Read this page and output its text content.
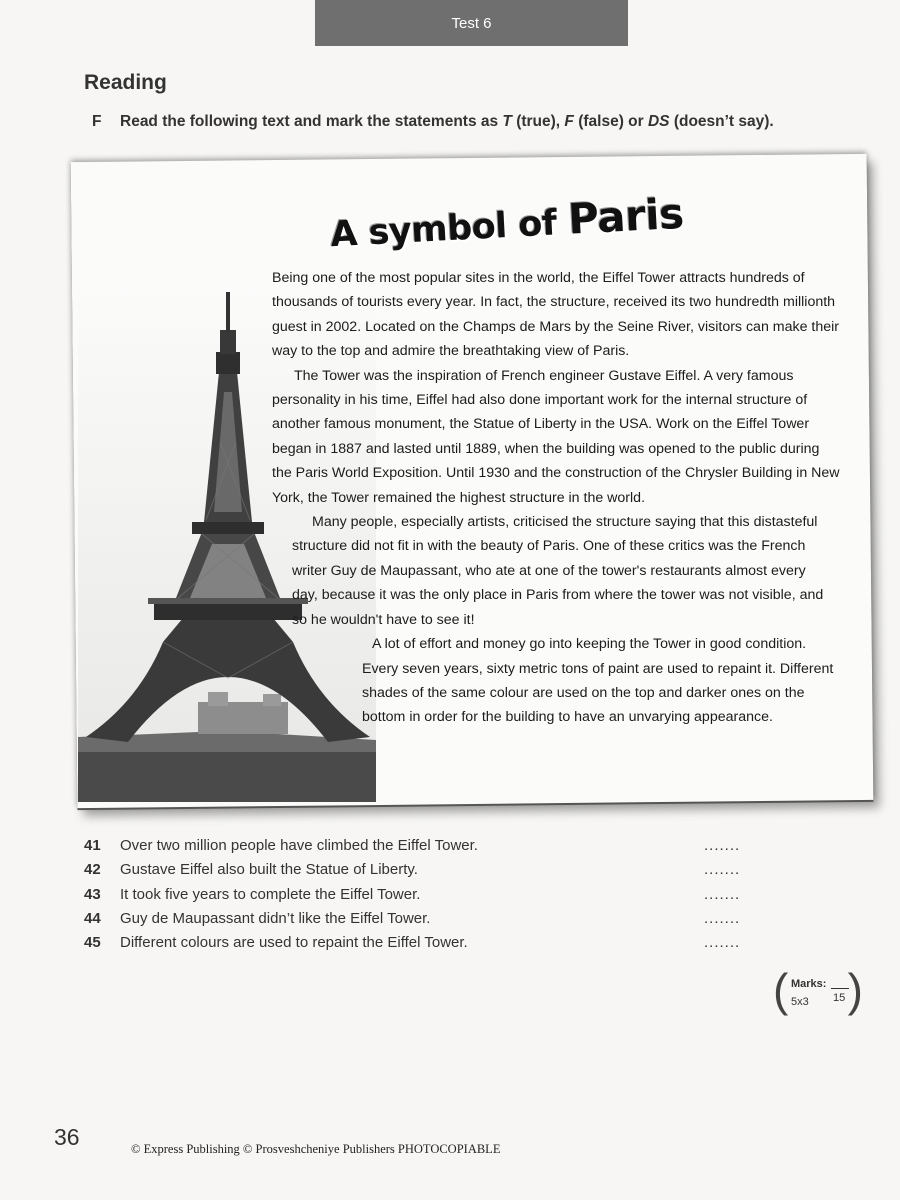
Test 6
Reading
F Read the following text and mark the statements as T (true), F (false) or DS (doesn’t say).
A symbol of Paris

Being one of the most popular sites in the world, the Eiffel Tower attracts hundreds of thousands of tourists every year. In fact, the structure, received its two hundredth millionth guest in 2002. Located on the Champs de Mars by the Seine River, visitors can make their way to the top and admire the breathtaking view of Paris.

The Tower was the inspiration of French engineer Gustave Eiffel. A very famous personality in his time, Eiffel had also done important work for the internal structure of another famous monument, the Statue of Liberty in the USA. Work on the Eiffel Tower began in 1887 and lasted until 1889, when the building was opened to the public during the Paris World Exposition. Until 1930 and the construction of the Chrysler Building in New York, the Tower remained the highest structure in the world.

Many people, especially artists, criticised the structure saying that this distasteful structure did not fit in with the beauty of Paris. One of these critics was the French writer Guy de Maupassant, who ate at one of the tower's restaurants almost every day, because it was the only place in Paris from where the tower was not visible, and so he wouldn't have to see it!

A lot of effort and money go into keeping the Tower in good condition. Every seven years, sixty metric tons of paint are used to repaint it. Different shades of the same colour are used on the top and darker ones on the bottom in order for the building to have an unvarying appearance.

41	Over two million people have climbed the Eiffel Tower.	.......
42	Gustave Eiffel also built the Statue of Liberty.	.......
43	It took five years to complete the Eiffel Tower.	.......
44	Guy de Maupassant didn’t like the Eiffel Tower.	.......
45	Different colours are used to repaint the Eiffel Tower.	.......
( )
Marks:
5x3 15
36	© Express Publishing © Prosveshcheniye Publishers PHOTOCOPIABLE
